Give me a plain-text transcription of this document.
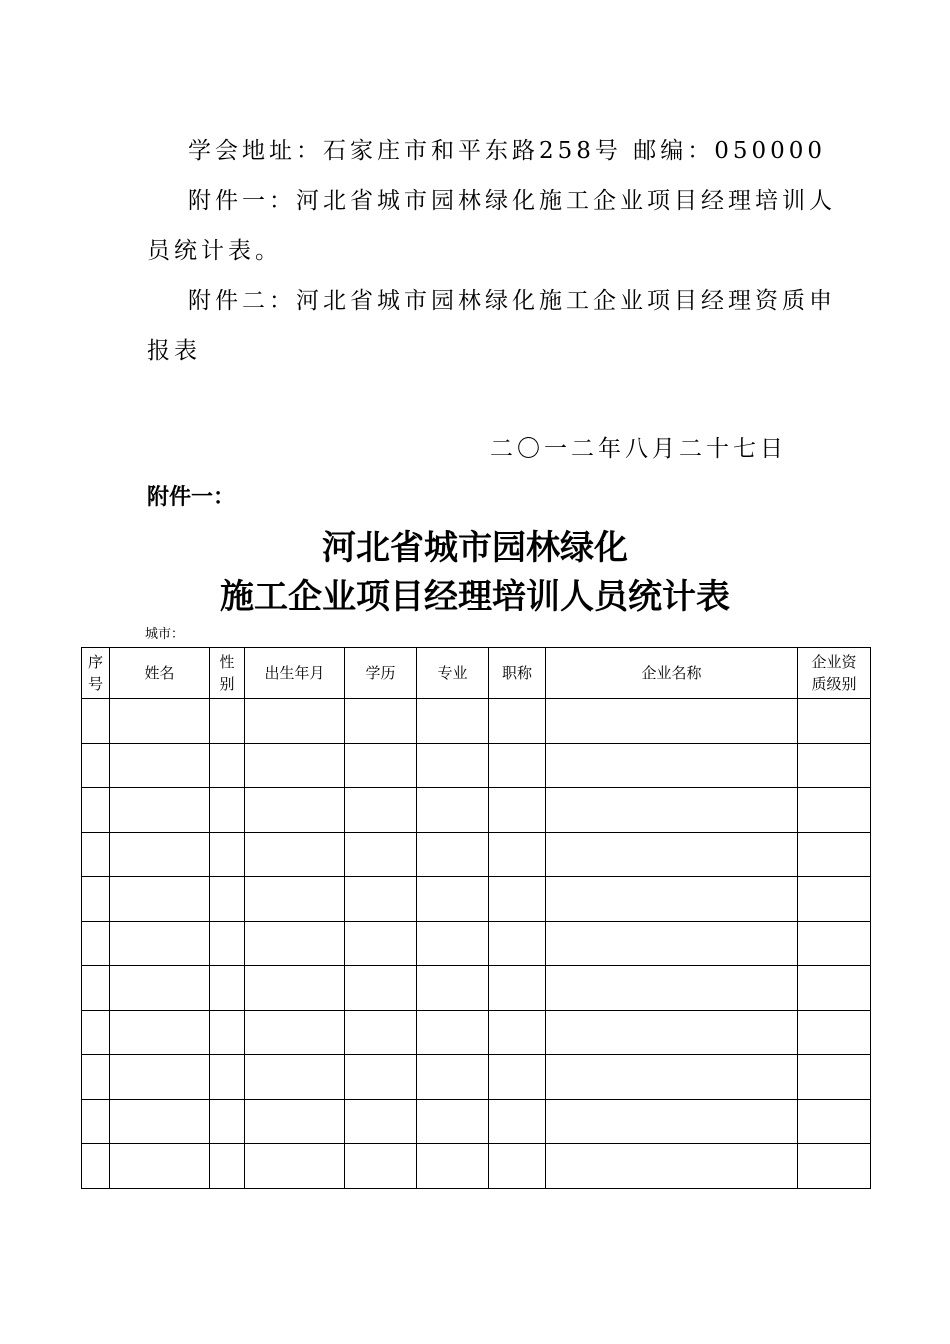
学会地址：石家庄市和平东路258号 邮编：050000
附件一：河北省城市园林绿化施工企业项目经理培训人
员统计表。
附件二：河北省城市园林绿化施工企业项目经理资质申
报表
二〇一二年八月二十七日
附件一：
河北省城市园林绿化
施工企业项目经理培训人员统计表
城市：
序号	姓名	性别	出生年月	学历	专业	职称	企业名称	企业资质级别
